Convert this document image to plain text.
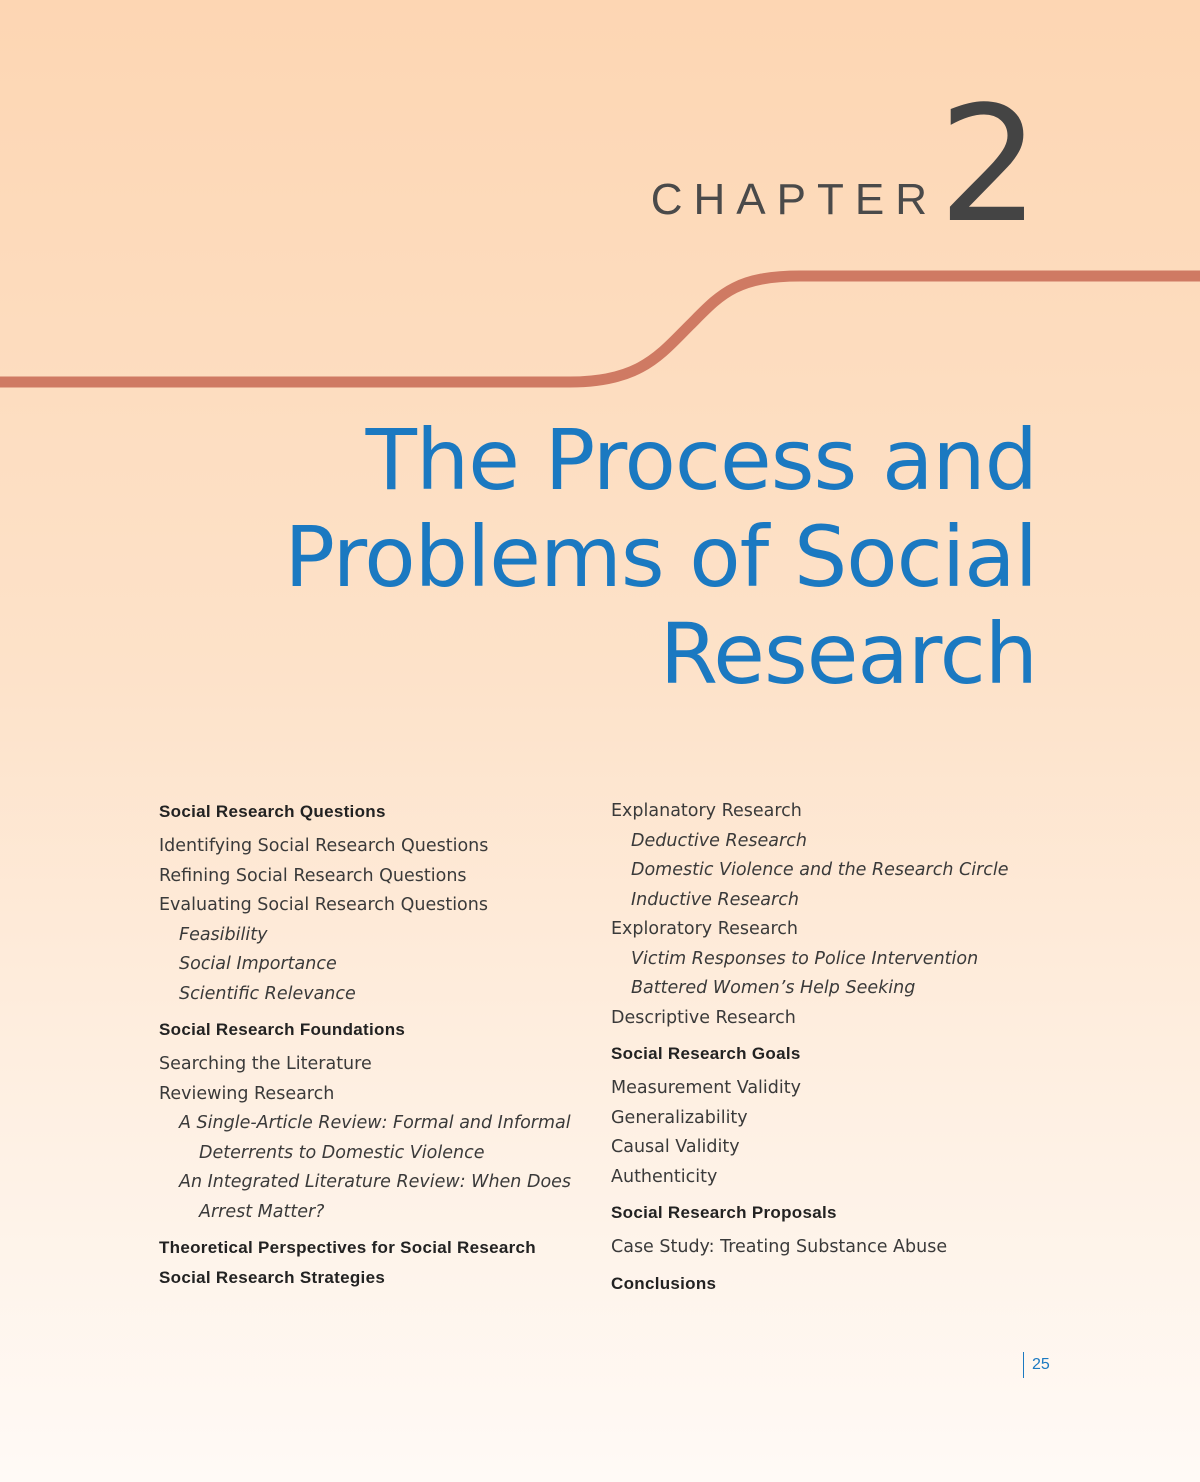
CHAPTER 2
The Process and
Problems of Social
Research

Social Research Questions

Identifying Social Research Questions

Refining Social Research Questions

Evaluating Social Research Questions

Feasibility

Social Importance

Scientific Relevance

Social Research Foundations

Searching the Literature

Reviewing Research

A Single-Article Review: Formal and Informal

Deterrents to Domestic Violence

An Integrated Literature Review: When Does

Arrest Matter?

Theoretical Perspectives for Social Research

Social Research Strategies

Explanatory Research

Deductive Research

Domestic Violence and the Research Circle

Inductive Research

Exploratory Research

Victim Responses to Police Intervention

Battered Women’s Help Seeking

Descriptive Research

Social Research Goals

Measurement Validity

Generalizability

Causal Validity

Authenticity

Social Research Proposals

Case Study: Treating Substance Abuse

Conclusions

25
